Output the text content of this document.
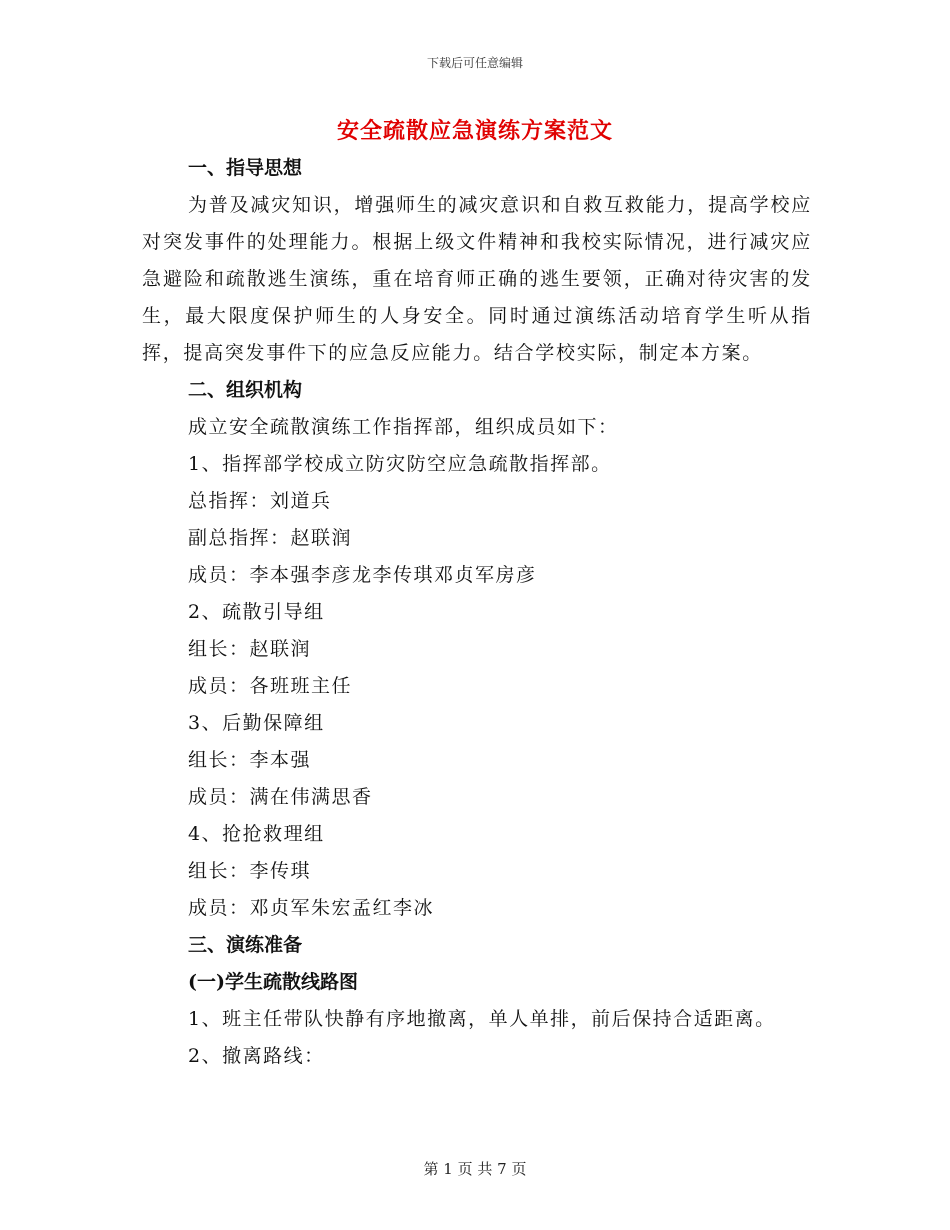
下载后可任意编辑
安全疏散应急演练方案范文
一、指导思想
为普及减灾知识，增强师生的减灾意识和自救互救能力，提高学校应对突发事件的处理能力。根据上级文件精神和我校实际情况，进行减灾应急避险和疏散逃生演练，重在培育师正确的逃生要领，正确对待灾害的发生，最大限度保护师生的人身安全。同时通过演练活动培育学生听从指挥，提高突发事件下的应急反应能力。结合学校实际，制定本方案。
二、组织机构
成立安全疏散演练工作指挥部，组织成员如下：
1、指挥部学校成立防灾防空应急疏散指挥部。
总指挥：刘道兵
副总指挥：赵联润
成员：李本强李彦龙李传琪邓贞军房彦
2、疏散引导组
组长：赵联润
成员：各班班主任
3、后勤保障组
组长：李本强
成员：满在伟满思香
4、抢抢救理组
组长：李传琪
成员：邓贞军朱宏孟红李冰
三、演练准备
(一)学生疏散线路图
1、班主任带队快静有序地撤离，单人单排，前后保持合适距离。
2、撤离路线：
第 1 页 共 7 页
